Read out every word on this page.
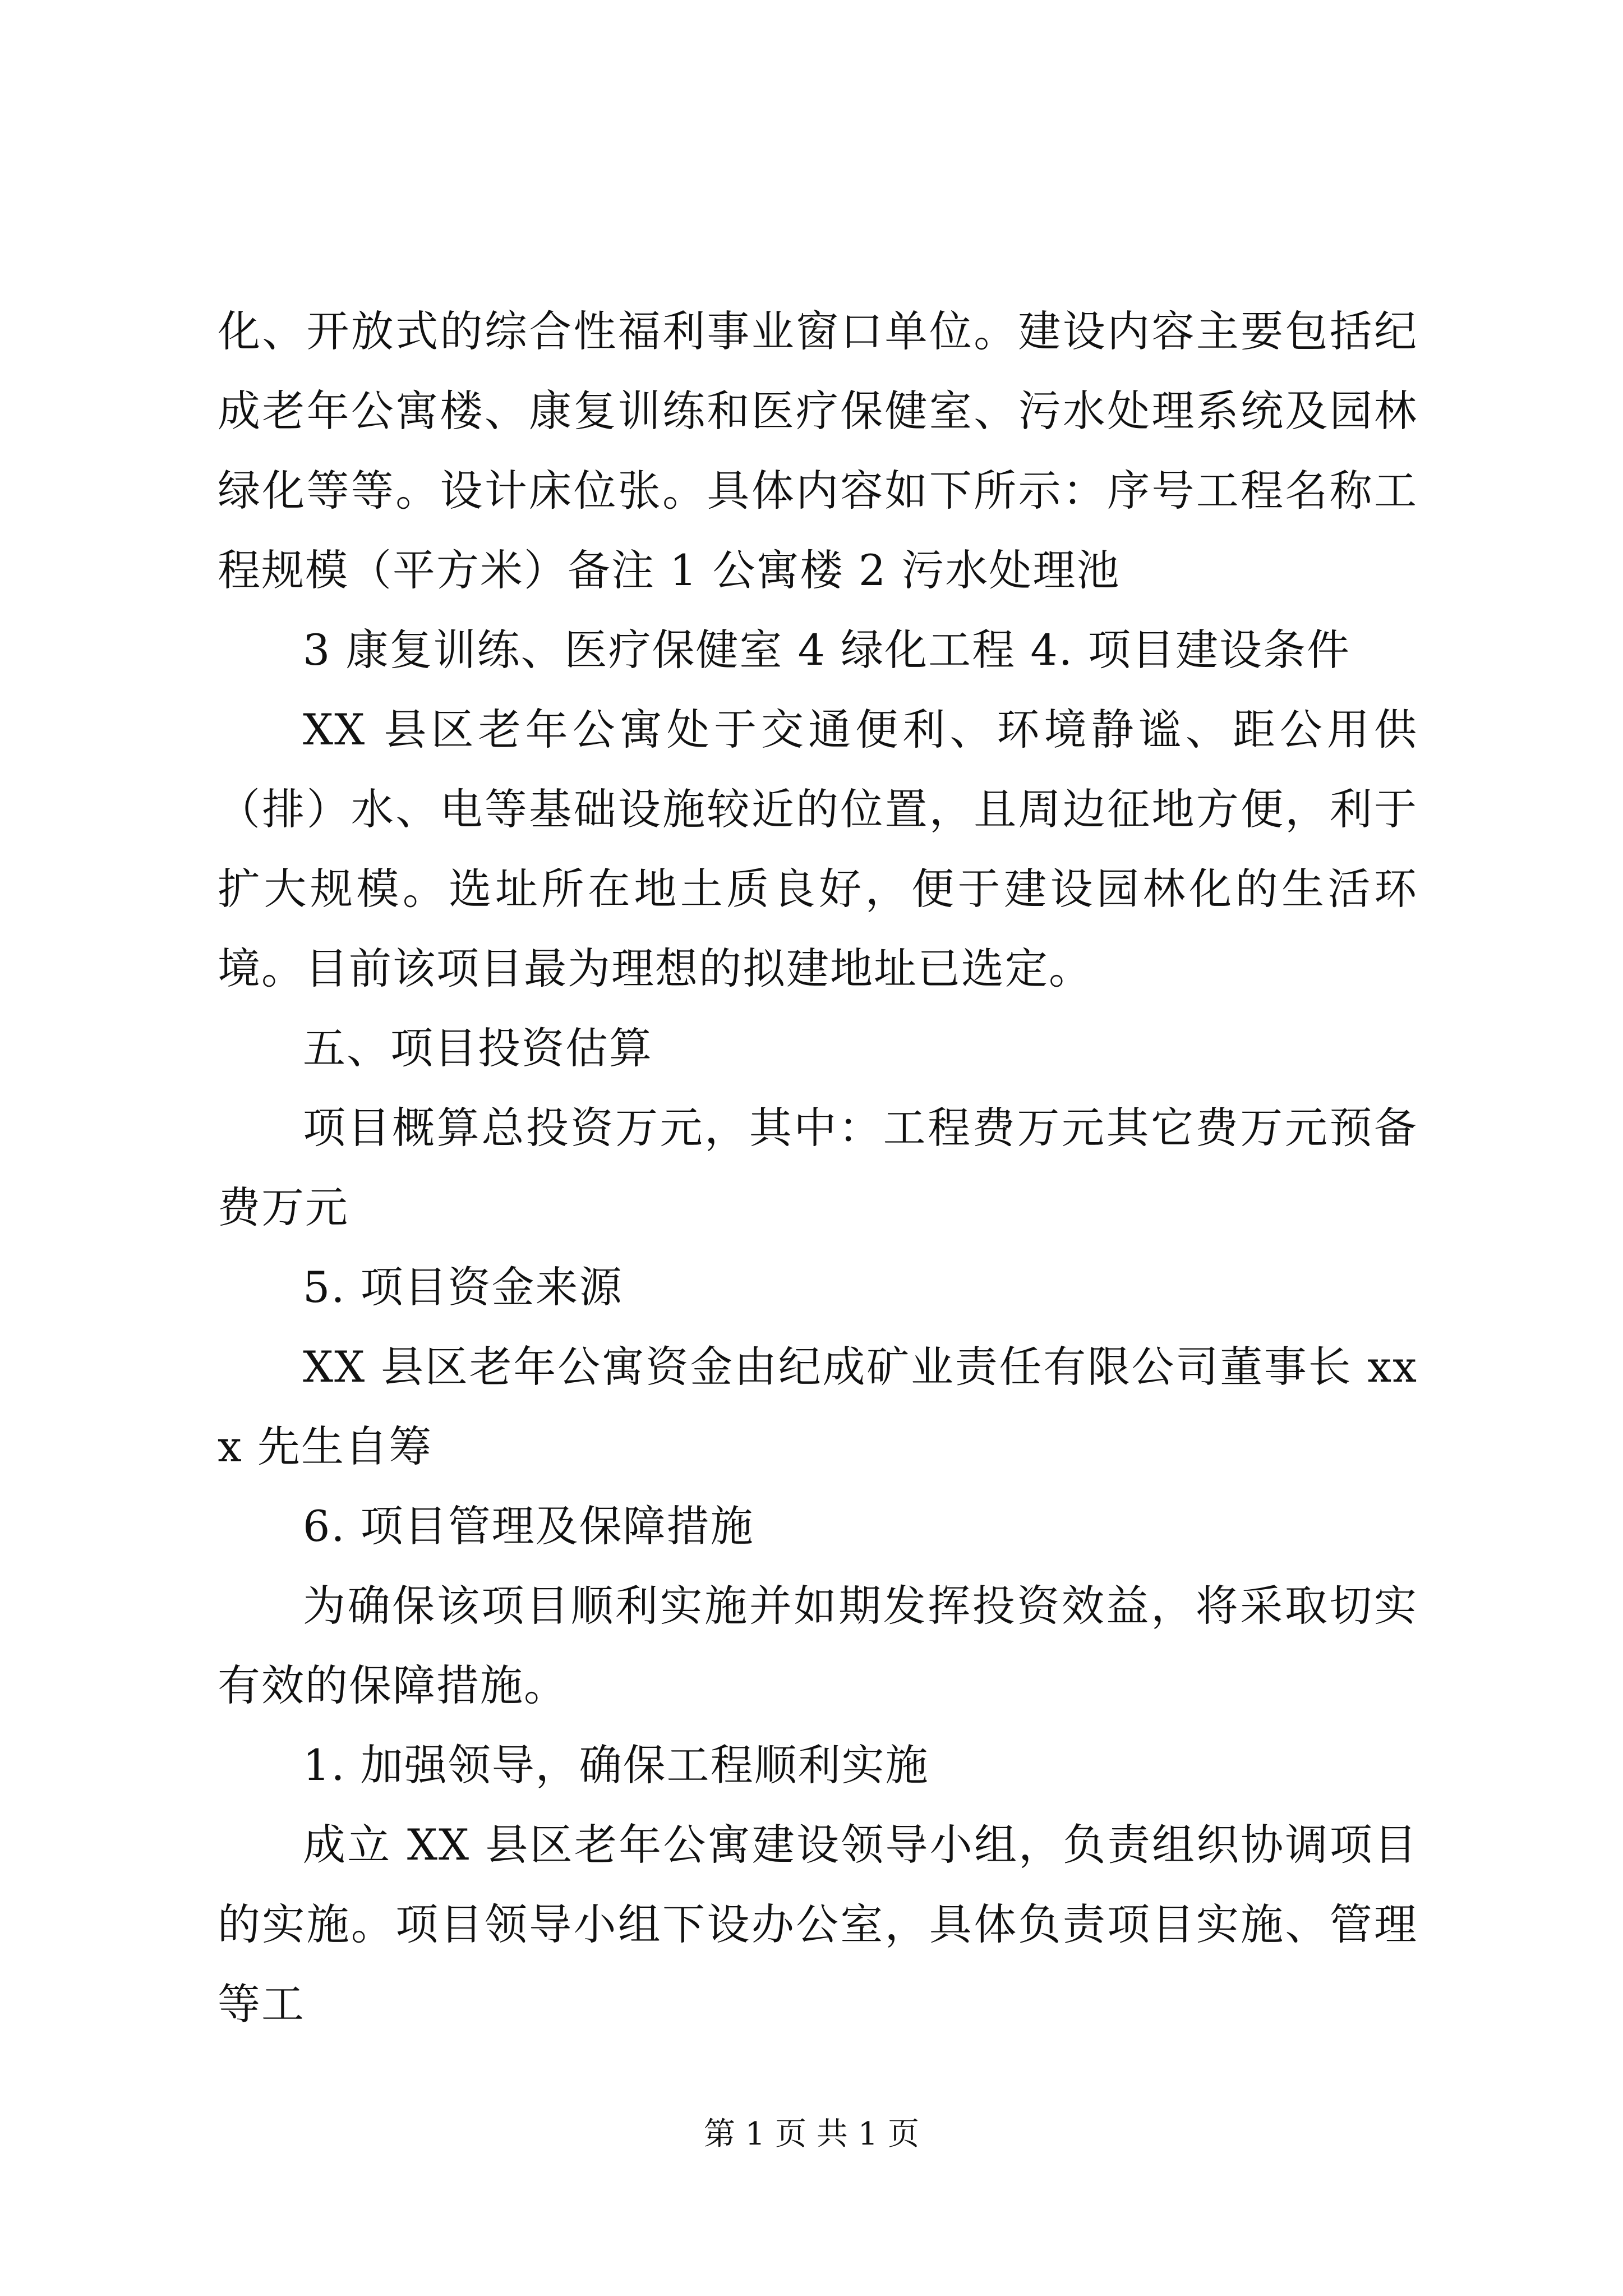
化、开放式的综合性福利事业窗口单位。建设内容主要包括纪成老年公寓楼、康复训练和医疗保健室、污水处理系统及园林绿化等等。设计床位张。具体内容如下所示：序号工程名称工程规模（平方米）备注 1 公寓楼 2 污水处理池

3 康复训练、医疗保健室 4 绿化工程 4. 项目建设条件

XX 县区老年公寓处于交通便利、环境静谧、距公用供（排）水、电等基础设施较近的位置，且周边征地方便，利于扩大规模。选址所在地土质良好，便于建设园林化的生活环境。目前该项目最为理想的拟建地址已选定。

五、项目投资估算

项目概算总投资万元，其中：工程费万元其它费万元预备费万元

5. 项目资金来源

XX 县区老年公寓资金由纪成矿业责任有限公司董事长 xxx 先生自筹

6. 项目管理及保障措施

为确保该项目顺利实施并如期发挥投资效益，将采取切实有效的保障措施。

1. 加强领导，确保工程顺利实施

成立 XX 县区老年公寓建设领导小组，负责组织协调项目的实施。项目领导小组下设办公室，具体负责项目实施、管理等工

第 1 页 共 1 页
